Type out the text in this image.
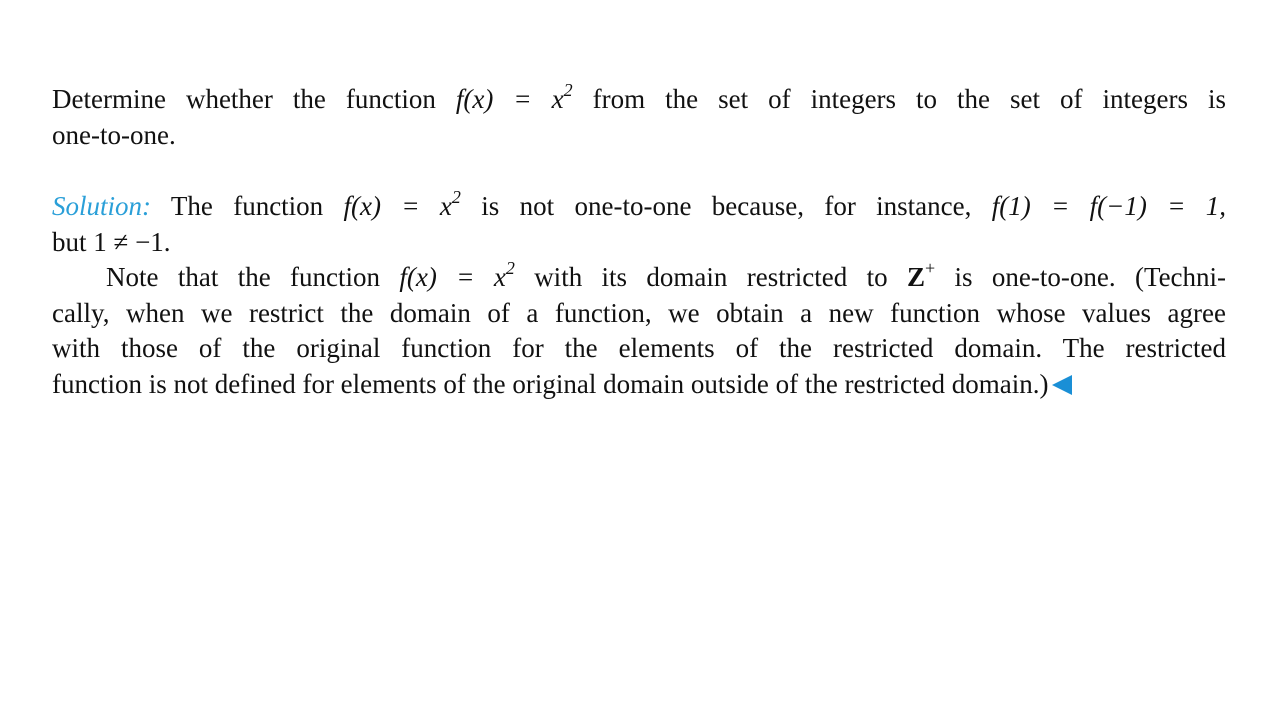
Determine whether the function $f(x) = x^2$ from the set of integers to the set of integers is
one-to-one.
Solution: The function $f(x) = x^2$ is not one-to-one because, for instance, f(1) = f(−1) = 1,
but 1 ≠ −1.
Note that the function $f(x) = x^2$ with its domain restricted to Z+ is one-to-one. (Techni-
cally, when we restrict the domain of a function, we obtain a new function whose values agree
with those of the original function for the elements of the restricted domain. The restricted
function is not defined for elements of the original domain outside of the restricted domain.)
